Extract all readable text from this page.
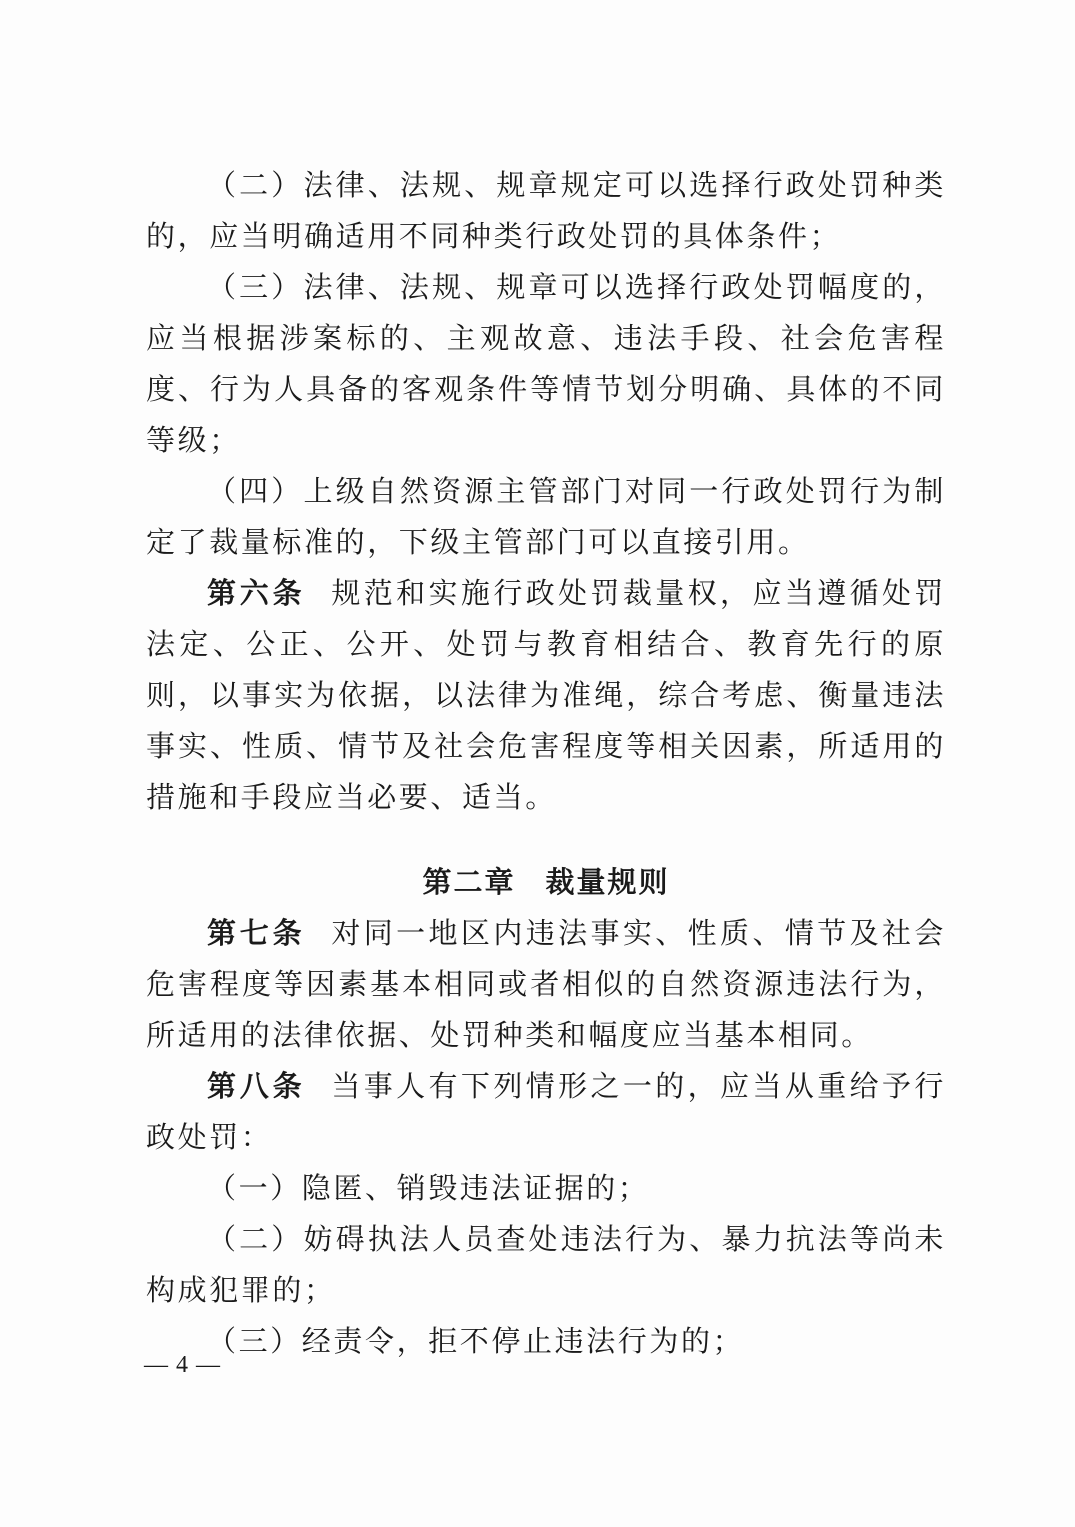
（二）法律、法规、规章规定可以选择行政处罚种类的，应当明确适用不同种类行政处罚的具体条件；

（三）法律、法规、规章可以选择行政处罚幅度的，应当根据涉案标的、主观故意、违法手段、社会危害程度、行为人具备的客观条件等情节划分明确、具体的不同等级；

（四）上级自然资源主管部门对同一行政处罚行为制定了裁量标准的，下级主管部门可以直接引用。

第六条 规范和实施行政处罚裁量权，应当遵循处罚法定、公正、公开、处罚与教育相结合、教育先行的原则，以事实为依据，以法律为准绳，综合考虑、衡量违法事实、性质、情节及社会危害程度等相关因素，所适用的措施和手段应当必要、适当。

第二章 裁量规则

第七条 对同一地区内违法事实、性质、情节及社会危害程度等因素基本相同或者相似的自然资源违法行为，所适用的法律依据、处罚种类和幅度应当基本相同。

第八条 当事人有下列情形之一的，应当从重给予行政处罚：

（一）隐匿、销毁违法证据的；

（二）妨碍执法人员查处违法行为、暴力抗法等尚未构成犯罪的；

（三）经责令，拒不停止违法行为的；

— 4 —
